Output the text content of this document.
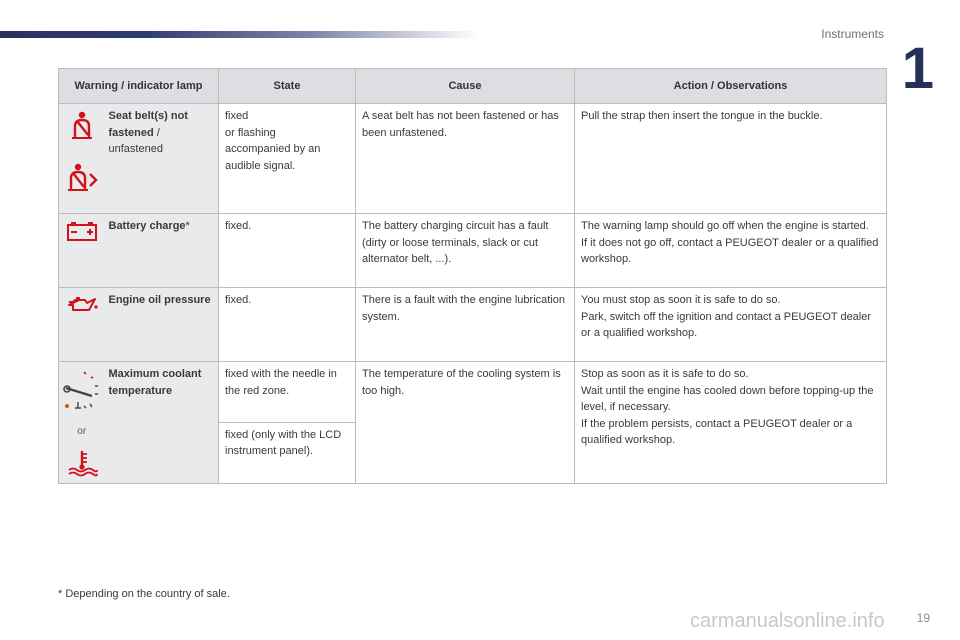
Instruments
1
Warning / indicator lamp		State	Cause	Action / Observations

	Seat belt(s) not fastened / unfastened	fixed
or flashing
accompanied by an audible signal.	A seat belt has not been fastened or has been unfastened.	Pull the strap then insert the tongue in the buckle.

	Battery charge*	fixed.	The battery charging circuit has a fault (dirty or loose terminals, slack or cut alternator belt, ...).	The warning lamp should go off when the engine is started.
If it does not go off, contact a PEUGEOT dealer or a qualified workshop.

	Engine oil pressure	fixed.	There is a fault with the engine lubrication system.	You must stop as soon it is safe to do so.
Park, switch off the ignition and contact a PEUGEOT dealer or a qualified workshop.

or	Maximum coolant temperature	fixed with the needle in the red zone.	The temperature of the cooling system is too high.	Stop as soon as it is safe to do so.
Wait until the engine has cooled down before topping-up the level, if necessary.
If the problem persists, contact a PEUGEOT dealer or a qualified workshop.
		fixed (only with the LCD instrument panel).		
* Depending on the country of sale.
carmanualsonline.info	19
